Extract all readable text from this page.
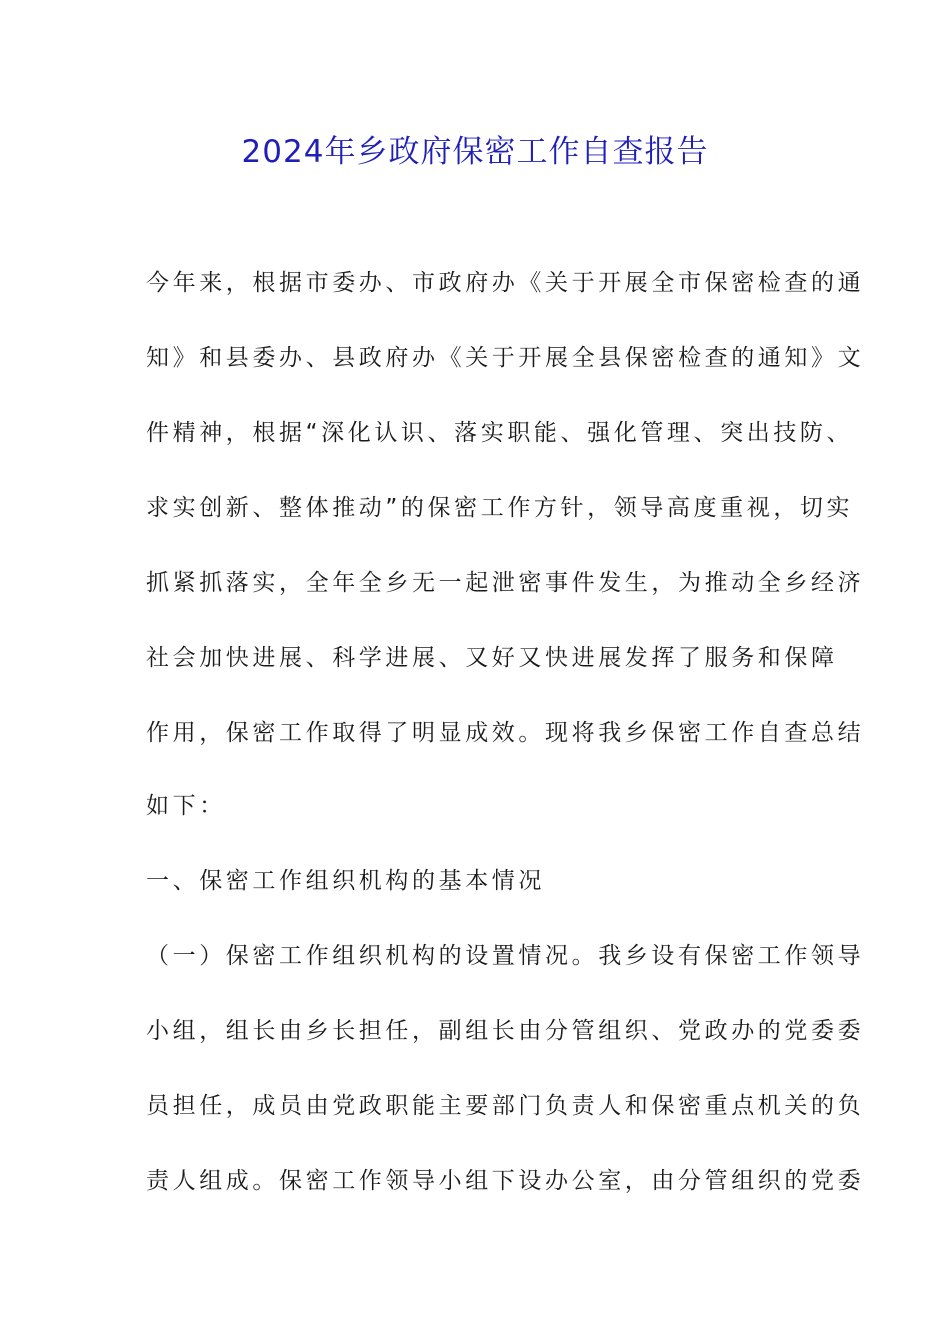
2024年乡政府保密工作自查报告
今年来，根据市委办、市政府办《关于开展全市保密检查的通
知》和县委办、县政府办《关于开展全县保密检查的通知》文
件精神，根据“深化认识、落实职能、强化管理、突出技防、
求实创新、整体推动”的保密工作方针，领导高度重视，切实
抓紧抓落实，全年全乡无一起泄密事件发生，为推动全乡经济
社会加快进展、科学进展、又好又快进展发挥了服务和保障
作用，保密工作取得了明显成效。现将我乡保密工作自查总结
如下：
一、保密工作组织机构的基本情况
（一）保密工作组织机构的设置情况。我乡设有保密工作领导
小组，组长由乡长担任，副组长由分管组织、党政办的党委委
员担任，成员由党政职能主要部门负责人和保密重点机关的负
责人组成。保密工作领导小组下设办公室，由分管组织的党委
